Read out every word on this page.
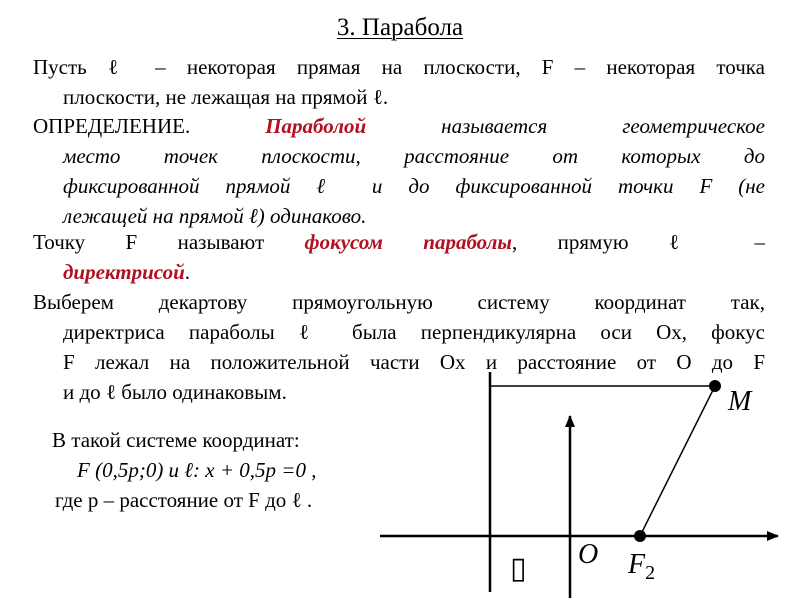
3. Парабола
Пусть ℓ – некоторая прямая на плоскости, F – некоторая точка
плоскости, не лежащая на прямой ℓ.
ОПРЕДЕЛЕНИЕ.	Параболой	называется геометрическое
место точек плоскости, расстояние от которых до
фиксированной прямой ℓ и до фиксированной точки F (не
лежащей на прямой ℓ) одинаково.
Точку F называют фокусом параболы, прямую ℓ –
директрисой.
Выберем декартову прямоугольную систему координат так,
директриса параболы ℓ была перпендикулярна оси Ox, фокус
F лежал на положительной части Ox и расстояние от O до F
и до ℓ было одинаковым.
В такой системе координат:
F (0,5p;0) и ℓ: x + 0,5p =0 ,
где p – расстояние от F до ℓ .
M
O $F_2$
▯
